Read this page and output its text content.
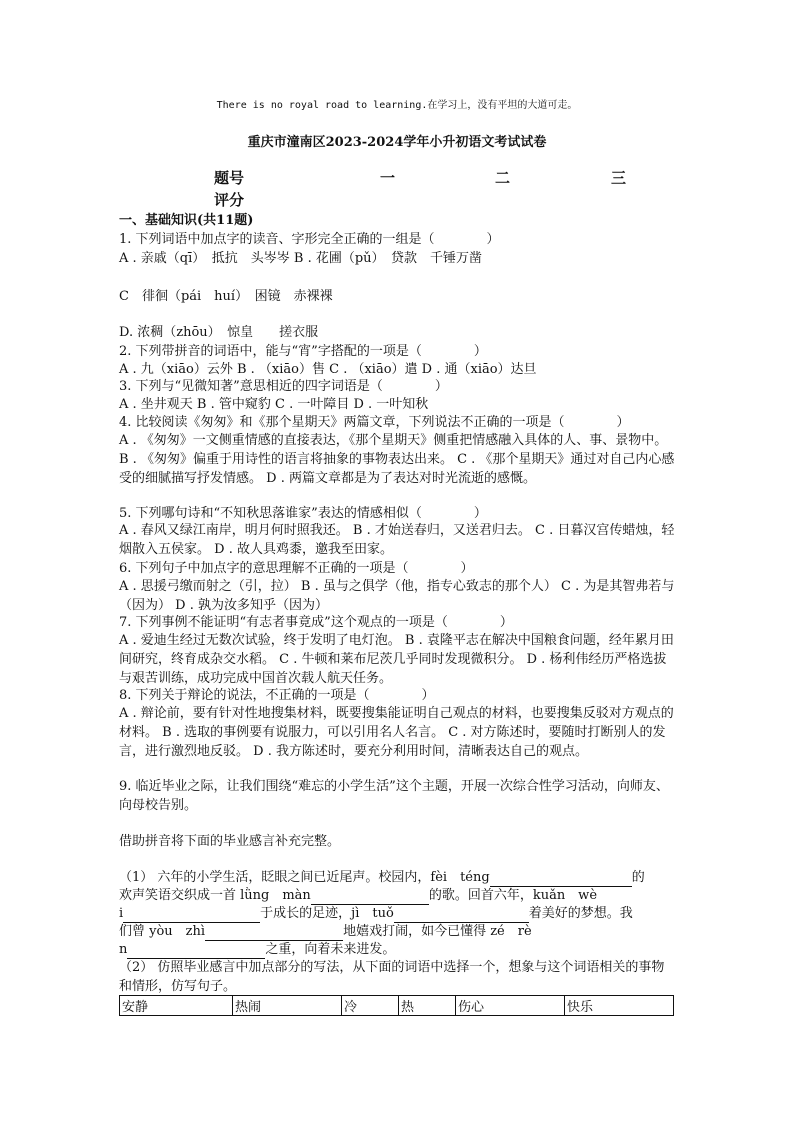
There is no royal road to learning.在学习上，没有平坦的大道可走。
重庆市潼南区2023-2024学年小升初语文考试试卷
题号	一	二	三
评分
一、基础知识(共11题)
1. 下列词语中加点字的读音、字形完全正确的一组是（　　　　）
A . 亲戚（qī）　抵抗　头岑岑 B . 花圃（pǔ）　贷款　千锤万凿
C　徘徊（pái　huí）　困镜　赤裸裸
D. 浓稠（zhōu）　惊皇　　搓衣服
2. 下列带拼音的词语中，能与“宵”字搭配的一项是（　　　　）
A . 九（xiāo）云外 B . （xiāo）售 C . （xiāo）遣 D . 通（xiāo）达旦
3. 下列与“见微知著”意思相近的四字词语是（　　　　）
A . 坐井观天 B . 管中窥豹 C . 一叶障目 D . 一叶知秋
4. 比较阅读《匆匆》和《那个星期天》两篇文章，下列说法不正确的一项是（　　　　）
A . 《匆匆》一文侧重情感的直接表达，《那个星期天》侧重把情感融入具体的人、事、景物中。 B . 《匆匆》偏重于用诗性的语言将抽象的事物表达出来。 C . 《那个星期天》通过对自己内心感受的细腻描写抒发情感。 D . 两篇文章都是为了表达对时光流逝的感慨。
5. 下列哪句诗和“不知秋思落谁家”表达的情感相似（　　　　）
A . 春风又绿江南岸，明月何时照我还。 B . 才始送春归，又送君归去。 C . 日暮汉宫传蜡烛，轻烟散入五侯家。 D . 故人具鸡黍，邀我至田家。
6. 下列句子中加点字的意思理解不正确的一项是（　　　　）
A . 思援弓缴而射之（引，拉） B . 虽与之俱学（他，指专心致志的那个人） C . 为是其智弗若与（因为） D . 孰为汝多知乎（因为）
7. 下列事例不能证明“有志者事竟成”这个观点的一项是（　　　　）
A . 爱迪生经过无数次试验，终于发明了电灯泡。 B . 袁隆平志在解决中国粮食问题，经年累月田间研究，终育成杂交水稻。 C . 牛顿和莱布尼茨几乎同时发现微积分。 D . 杨利伟经历严格选拔与艰苦训练，成功完成中国首次载人航天任务。
8. 下列关于辩论的说法，不正确的一项是（　　　　）
A . 辩论前，要有针对性地搜集材料，既要搜集能证明自己观点的材料，也要搜集反驳对方观点的材料。 B . 选取的事例要有说服力，可以引用名人名言。 C . 对方陈述时，要随时打断别人的发言，进行激烈地反驳。 D . 我方陈述时，要充分利用时间，清晰表达自己的观点。
9. 临近毕业之际，让我们围绕“难忘的小学生活”这个主题，开展一次综合性学习活动，向师友、向母校告别。
借助拼音将下面的毕业感言补充完整。
（1） 六年的小学生活，眨眼之间已近尾声。校园内，fèi　téng	的
欢声笑语交织成一首 lǜng　màn	的歌。回首六年，kuǎn　wè
i	于成长的足迹，jì　tuǒ	着美好的梦想。我
们曾 yòu　zhì	地嬉戏打闹，如今已懂得 zé　rè
n	之重，向着未来进发。
（2） 仿照毕业感言中加点部分的写法，从下面的词语中选择一个，想象与这个词语相关的事物和情形，仿写句子。
安静	热闹	冷	热	伤心	快乐
